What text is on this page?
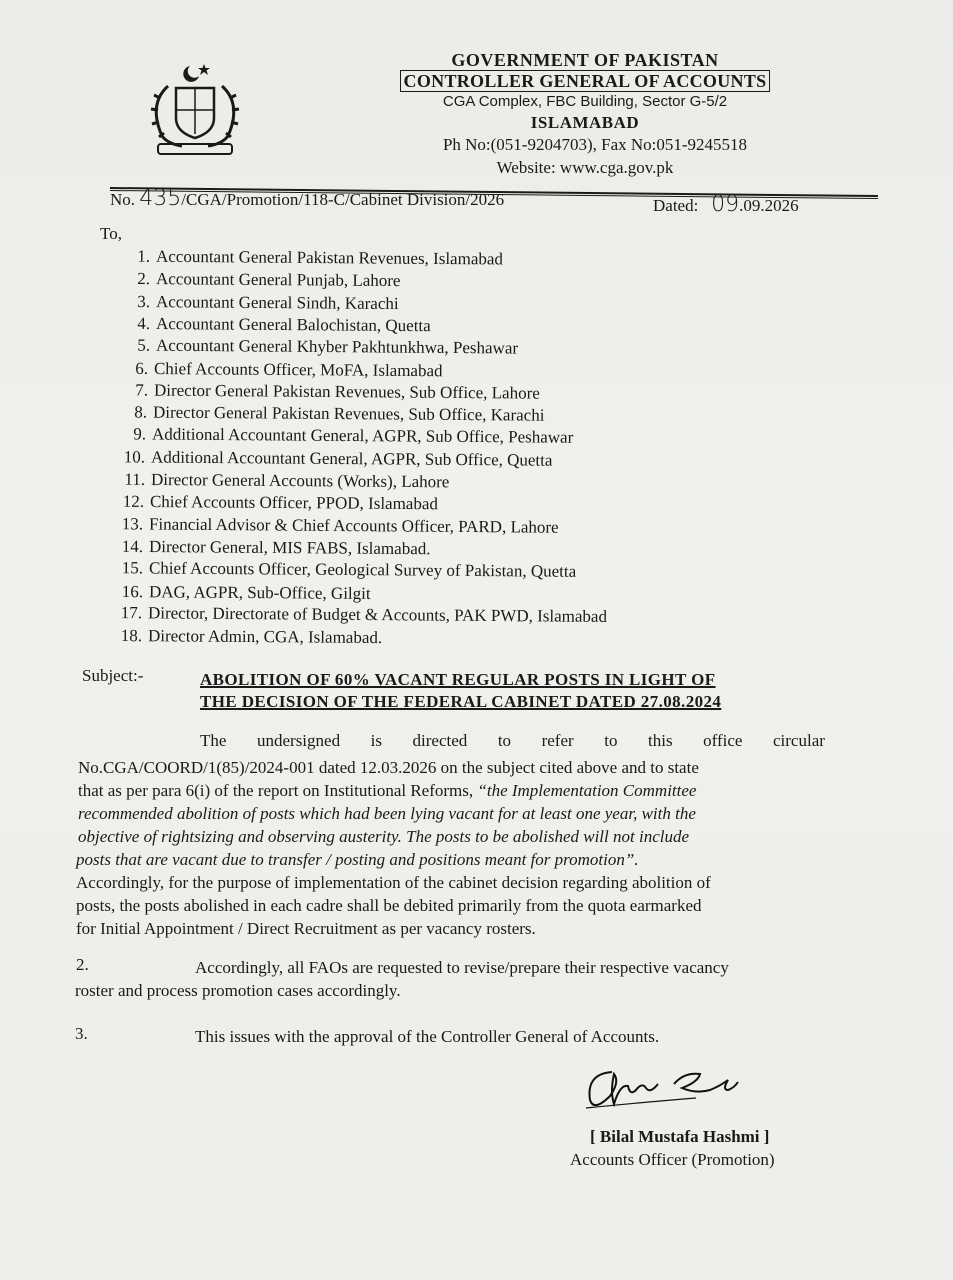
GOVERNMENT OF PAKISTAN
CONTROLLER GENERAL OF ACCOUNTS
CGA Complex, FBC Building, Sector G-5/2
ISLAMABAD
Ph No:(051-9204703), Fax No:051-9245518
Website: www.cga.gov.pk
No. 435/CGA/Promotion/118-C/Cabinet Division/2026	Dated: 09.09.2026
To,
1. Accountant General Pakistan Revenues, Islamabad
2. Accountant General Punjab, Lahore
3. Accountant General Sindh, Karachi
4. Accountant General Balochistan, Quetta
5. Accountant General Khyber Pakhtunkhwa, Peshawar
6. Chief Accounts Officer, MoFA, Islamabad
7. Director General Pakistan Revenues, Sub Office, Lahore
8. Director General Pakistan Revenues, Sub Office, Karachi
9. Additional Accountant General, AGPR, Sub Office, Peshawar
10. Additional Accountant General, AGPR, Sub Office, Quetta
11. Director General Accounts (Works), Lahore
12. Chief Accounts Officer, PPOD, Islamabad
13. Financial Advisor & Chief Accounts Officer, PARD, Lahore
14. Director General, MIS FABS, Islamabad.
15. Chief Accounts Officer, Geological Survey of Pakistan, Quetta
16. DAG, AGPR, Sub-Office, Gilgit
17. Director, Directorate of Budget & Accounts, PAK PWD, Islamabad
18. Director Admin, CGA, Islamabad.
Subject:-	ABOLITION OF 60% VACANT REGULAR POSTS IN LIGHT OF
THE DECISION OF THE FEDERAL CABINET DATED 27.08.2024
The undersigned is directed to refer to this office circular
No.CGA/COORD/1(85)/2024-001 dated 12.03.2026 on the subject cited above and to state
that as per para 6(i) of the report on Institutional Reforms, “the Implementation Committee
recommended abolition of posts which had been lying vacant for at least one year, with the
objective of rightsizing and observing austerity. The posts to be abolished will not include
posts that are vacant due to transfer / posting and positions meant for promotion”.
Accordingly, for the purpose of implementation of the cabinet decision regarding abolition of
posts, the posts abolished in each cadre shall be debited primarily from the quota earmarked
for Initial Appointment / Direct Recruitment as per vacancy rosters.
2.	Accordingly, all FAOs are requested to revise/prepare their respective vacancy
roster and process promotion cases accordingly.
3.	This issues with the approval of the Controller General of Accounts.
[ Bilal Mustafa Hashmi ]
Accounts Officer (Promotion)
